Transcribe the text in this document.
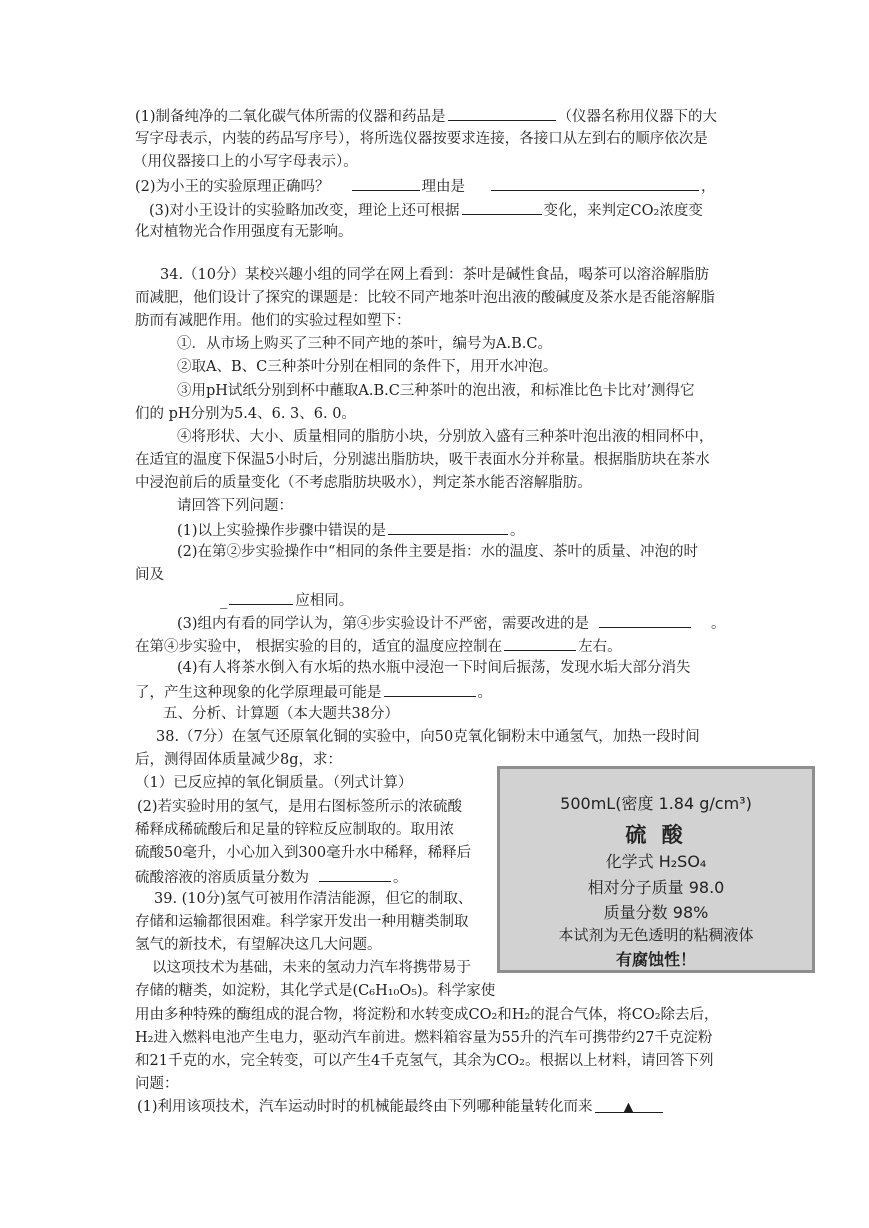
(1)制备纯净的二氧化碳气体所需的仪器和药品是	（仪器名称用仪器下的大
写字母表示，内装的药品写序号），将所选仪器按要求连接，各接口从左到右的顺序依次是
（用仪器接口上的小写字母表示）。
(2)为小王的实验原理正确吗？	理由是	，
(3)对小王设计的实验略加改变，理论上还可根据	变化，来判定CO₂浓度变
化对植物光合作用强度有无影响。
34.（10分）某校兴趣小组的同学在网上看到：茶叶是碱性食品，喝茶可以溶浴解脂肪
而减肥，他们设计了探究的课题是：比较不同产地茶叶泡出液的酸碱度及茶水是否能溶解脂
肪而有减肥作用。他们的实验过程如塑下：
①．从市场上购买了三种不同产地的茶叶，编号为A.B.C。
②取A、B、C三种茶叶分别在相同的条件下，用开水冲泡。
③用pH试纸分别到杯中蘸取A.B.C三种茶叶的泡出液，和标准比色卡比对’测得它
们的 pH分别为5.4、6. 3、6. 0。
④将形状、大小、质量相同的脂肪小块，分别放入盛有三种茶叶泡出液的相同杯中，
在适宜的温度下保温5小时后，分别滤出脂肪块，吸干表面水分并称量。根据脂肪块在茶水
中浸泡前后的质量变化（不考虑脂肪块吸水），判定茶水能否溶解脂肪。
请回答下列问题：
(1)以上实验操作步骤中错误的是	。
(2)在第②步实验操作中“相同的条件主要是指：水的温度、茶叶的质量、冲泡的时
间及
_	应相同。
(3)组内有看的同学认为，第④步实验设计不严密，需要改进的是	。
在第④步实验中， 根据实验的目的，适宜的温度应控制在	左右。
(4)有人将茶水倒入有水垢的热水瓶中浸泡一下时间后振荡，发现水垢大部分消失
了，产生这种现象的化学原理最可能是	。
五、分析、计算题（本大题共38分）
38.（7分）在氢气还原氧化铜的实验中，向50克氧化铜粉末中通氢气，加热一段时间
后，测得固体质量减少8g，求：
（1）已反应掉的氧化铜质量。（列式计算）
(2)若实验时用的氢气，是用右图标签所示的浓硫酸
稀释成稀硫酸后和足量的锌粒反应制取的。取用浓
硫酸50毫升，小心加入到300毫升水中稀释，稀释后
硫酸溶液的溶质质量分数为	。
500mL(密度 1.84 g/cm³)
硫 酸
化学式 H₂SO₄
相对分子质量 98.0
质量分数 98%
本试剂为无色透明的粘稠液体
有腐蚀性！
39. (10分)氢气可被用作清洁能源，但它的制取、
存储和运输都很困难。科学家开发出一种用糖类制取
氢气的新技术，有望解决这几大问题。
以这项技术为基础，未来的氢动力汽车将携带易于
存储的糖类，如淀粉，其化学式是(C₆H₁₀O₅)。科学家使
用由多种特殊的酶组成的混合物，将淀粉和水转变成CO₂和H₂的混合气体，将CO₂除去后，
H₂进入燃料电池产生电力，驱动汽车前进。燃料箱容量为55升的汽车可携带约27千克淀粉
和21千克的水，完全转变，可以产生4千克氢气，其余为CO₂。根据以上材料，请回答下列
问题：
(1)利用该项技术，汽车运动时时的机械能最终由下列哪种能量转化而来 ▲
